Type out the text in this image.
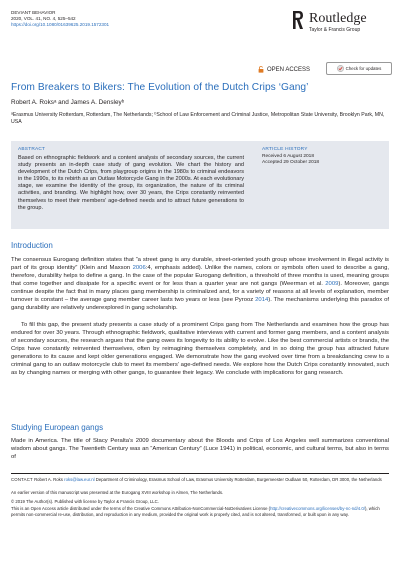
DEVIANT BEHAVIOR
2020, VOL. 41, NO. 4, 525–542
https://doi.org/10.1080/01639625.2019.1572301	Routledge
Taylor & Francis Group
OPEN ACCESS	Check for updates
From Breakers to Bikers: The Evolution of the Dutch Crips ‘Gang’
Robert A. Roksᵃ and James A. Densleyᵇ
ᵃErasmus University Rotterdam, Rotterdam, The Netherlands; ᵇSchool of Law Enforcement and Criminal Justice, Metropolitan State University, Brooklyn Park, MN, USA
ABSTRACT
Based on ethnographic fieldwork and a content analysis of secondary sources, the current study presents an in-depth case study of gang evolution. We chart the history and development of the Dutch Crips, from playgroup origins in the 1980s to criminal endeavors in the 1990s, to its rebirth as an Outlaw Motorcycle Gang in the 2000s. At each evolutionary stage, we examine the identity of the group, its organization, the nature of its criminal activities, and branding. We highlight how, over 30 years, the Crips constantly reinvented themselves to meet their members’ age-defined needs and to attract future generations to the group.
ARTICLE HISTORY
Received 6 August 2018
Accepted 29 October 2018
Introduction
The consensus Eurogang definition states that “a street gang is any durable, street-oriented youth group whose involvement in illegal activity is part of its group identity” (Klein and Maxson 2006:4, emphasis added). Unlike the names, colors or symbols often used to describe a gang, therefore, durability helps to define a gang. In the case of the popular Eurogang definition, a threshold of three months is used, meaning groups that come together and dissipate for a specific event or for less than a quarter year are not gangs (Weerman et al. 2009). Moreover, gangs continue despite the fact that in many places gang membership is criminalized and, for a variety of reasons at all levels of explanation, member turnover is constant – the average gang member career lasts two years or less (see Pyrooz 2014). The mechanisms underlying this paradox of gang durability are relatively underexplored in gang scholarship.
To fill this gap, the present study presents a case study of a prominent Crips gang from The Netherlands and examines how the group has endured for over 30 years. Through ethnographic fieldwork, qualitative interviews with current and former gang members, and a content analysis of secondary sources, the research argues that the gang owes its longevity to its ability to evolve. Like the best commercial artists or brands, the Crips have constantly reinvented themselves, often by reimagining themselves completely, and in so doing the group has attracted future generations to its cause and kept older generations engaged. We demonstrate how the gang evolved over time from a breakdancing crew to a criminal gang to an outlaw motorcycle club to meet its members’ age-defined needs. We explore how the Dutch Crips constantly innovated, such as by changing names or merging with other gangs, to guarantee their legacy. We conclude with implications for gang research.
Studying European gangs
Made in America. The title of Stacy Peralta’s 2009 documentary about the Bloods and Crips of Los Angeles well summarizes conventional wisdom about gangs. The Twentieth Century was an “American Century” (Luce 1941) in political, economic, and cultural terms, but also in terms of
CONTACT Robert A. Roks roks@law.eur.nl Department of Criminology, Erasmus School of Law, Erasmus University Rotterdam, Burgemeester Oudlaan 50, Rotterdam, DR 3000, the Netherlands
An earlier version of this manuscript was presented at the Eurogang XVIII workshop in Almen, The Netherlands.
© 2019 The Author(s). Published with license by Taylor & Francis Group, LLC.
This is an Open Access article distributed under the terms of the Creative Commons Attribution-NonCommercial-NoDerivatives License (http://creativecommons.org/licenses/by-nc-nd/4.0/), which permits non-commercial re-use, distribution, and reproduction in any medium, provided the original work is properly cited, and is not altered, transformed, or built upon in any way.
